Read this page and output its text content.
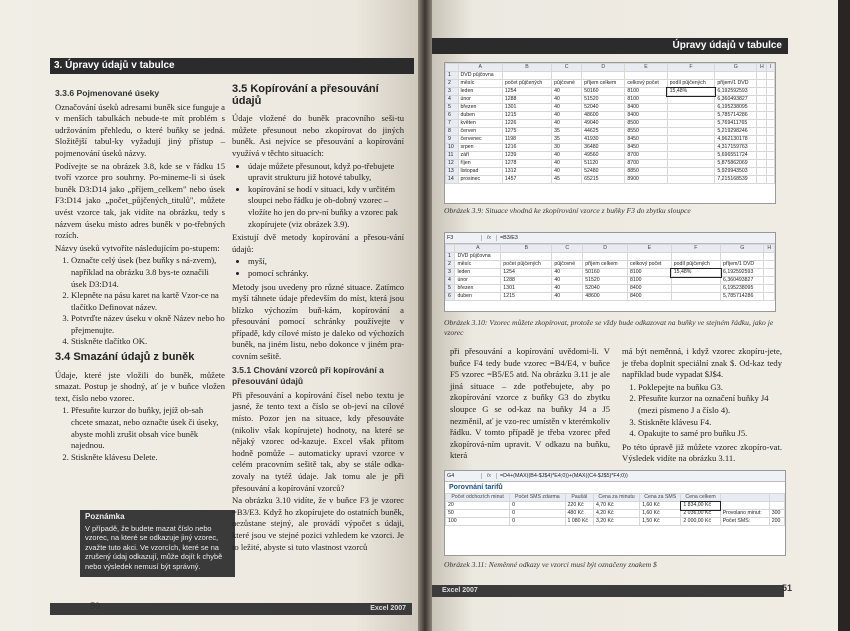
3. Úpravy údajů v tabulce
3.3.6 Pojmenované úseky

Označování úseků adresami buněk sice funguje a v menších tabulkách nebude-te mít problém s udržováním přehledu, o které buňky se jedná. Složitější tabul-ky vyžadují jiný přístup – pojmenování úseků názvy.

Podívejte se na obrázek 3.8, kde se v řádku 15 tvoří vzorce pro souhrny. Po-mineme-li si úsek buněk D3:D14 jako „příjem_celkem" nebo úsek F3:D14 jako „počet_půjčených_titulů", můžete uvést vzorce tak, jak vidíte na obrázku, tedy s názvem úseku místo adres buněk v po-třebných rozích.

Názvy úseků vytvoříte následujícím po-stupem:

1. Označte celý úsek (bez buňky s ná-zvem), například na obrázku 3.8 bys-te označili úsek D3:D14.
2. Klepněte na pásu karet na kartě Vzor-ce na tlačítko Definovat název.
3. Potvrďte název úseku v okně Název nebo ho přejmenujte.
4. Stiskněte tlačítko OK.
3.4 Smazání údajů z buněk

Údaje, které jste vložili do buněk, můžete smazat. Postup je shodný, ať je v buňce vložen text, číslo nebo vzorec.

1. Přesuňte kurzor do buňky, jejíž ob-sah chcete smazat, nebo označte úsek či úseky, abyste mohli zrušit obsah více buněk najednou.
2. Stiskněte klávesu Delete.
Poznámka
V případě, že budete mazat číslo nebo vzorec, na které se odkazuje jiný vzorec, zvažte tuto akci. Ve vzorcích, které se na zrušený údaj odkazují, může dojít k chybě nebo výsledek nemusí být správný.
3.5 Kopírování a přesouvání údajů

Údaje vložené do buněk pracovního seši-tu můžete přesunout nebo zkopírovat do jiných buněk. Asi nejvíce se přesouvání a kopírování využívá v těchto situacích:

• údaje můžete přesunout, když po-třebujete upravit strukturu již hotové tabulky,
• kopírování se hodí v situaci, kdy v určitém sloupci nebo řádku je ob-dobný vzorec – vložíte ho jen do prv-ní buňky a vzorec pak zkopírujete (viz obrázek 3.9).

Existují dvě metody kopírování a přesou-vání údajů:

• myší,
• pomocí schránky.

Metody jsou uvedeny pro různé situace. Zatímco myší táhnete údaje především do míst, která jsou blízko výchozím buň-kám, kopírování a přesouvání pomocí schránky používejte v případě, kdy cílové místo je daleko od výchozích buněk, na jiném listu, nebo dokonce v jiném pra-covním sešitě.

3.5.1 Chování vzorců při kopírování a přesouvání údajů

Při přesouvání a kopírování čísel nebo textu je jasné, že tento text a číslo se ob-jeví na cílové místo. Pozor jen na situace, kdy přesouváte (nikoliv však kopírujete) hodnoty, na které se nějaký vzorec od-kazuje. Excel však přitom hodně pomůže – automaticky upraví vzorce v celém pracovním sešitě tak, aby se stále odka-zovaly na tytéž údaje. Jak tomu ale je při přesouvání a kopírování vzorců?

Na obrázku 3.10 vidíte, že v buňce F3 je vzorec =B3/E3. Když ho zkopírujete do ostatních buněk, nezůstane stejný, ale provádí výpočet s údaji, které jsou ve stejné pozici vzhledem ke vzorci. Je to ležité, abyste si tuto vlastnost vzorců

Excel 2007
50
Úpravy údajů v tabulce
	A	B	C	D	E	F	G	H	I
1	DVD půjčovna								
2	měsíc	počet půjčených	půjčovné	příjem celkem	celkový počet	podíl půjčených	příjem/1 DVD		
3	leden	1254	40	50160	8100	15,48%	6,192592593		
4	únor	1288	40	51520	8100		6,360493827		
5	březen	1301	40	52040	8400		6,195238095		
6	duben	1215	40	48600	8400		5,785714286		
7	květen	1226	40	49040	8500		5,769411765		
8	červen	1275	35	44625	8550		5,219298246		
9	červenec	1198	35	41930	8450		4,962130178		
10	srpen	1216	30	36480	8450		4,317159763		
11	září	1239	40	49560	8700		5,696551724		
12	říjen	1278	40	51120	8700		5,875862069		
13	listopad	1312	40	52480	8850		5,929943503		
14	prosinec	1457	45	65215	8900		7,215168539		
Obrázek 3.9: Situace vhodná ke zkopírování vzorce z buňky F3 do zbytku sloupce
F3	fx	=B3/E3
	A	B	C	D	E	F	G	H
1	DVD půjčovna							
2	měsíc	počet půjčených	půjčovné	příjem celkem	celkový počet	podíl půjčených	příjem/1 DVD	
3	leden	1254	40	50160	8100	15,48%	6,192592593	
4	únor	1288	40	51520	8100		6,360493827	
5	březen	1301	40	52040	8400		6,195238095	
6	duben	1215	40	48600	8400		5,785714286	
Obrázek 3.10: Vzorec můžete zkopírovat, protože se vždy bude odkazovat na buňky ve stejném řádku, jako je vzorec

při přesouvání a kopírování uvědomi-li. V buňce F4 tedy bude vzorec =B4/E4, v buňce F5 vzorec =B5/E5 atd. Na obrázku 3.11 je ale jiná situace – zde potřebujete, aby po zkopírování vzorce z buňky G3 do zbytku sloupce G se od-kaz na buňky J4 a J5 nezměnil, ať je vzo-rec umístěn v kterémkoliv řádku. V tomto případě je třeba vzorec před zkopírová-ním upravit. V odkazu na buňku, která

má být neměnná, i když vzorec zkopíru-jete, je třeba doplnit speciální znak $. Od-kaz tedy například bude vypadat $J$4.

1. Poklepejte na buňku G3.
2. Přesuňte kurzor na označení buňky J4 (mezi písmeno J a číslo 4).
3. Stiskněte klávesu F4.
4. Opakujte to samé pro buňku J5.

Po této úpravě již můžete vzorec zkopíro-vat. Výsledek vidíte na obrázku 3.11.

G4	fx	=D4+(MAX((B4-$J$4)*E4;0))+(MAX((C4-$J$5)*F4;0))
Porovnání tarifů
Počet odchozích minut	Počet SMS zdarma	Paušál	Cena za minutu	Cena za SMS	Cena celkem		
20	0	220 Kč	4,70 Kč	1,60 Kč	1 834,00 Kč		
50	0	480 Kč	4,20 Kč	1,60 Kč	2 036,00 Kč	Provolano minut:	300
100	0	1 080 Kč	3,20 Kč	1,50 Kč	2 000,00 Kč	Počet SMS:	200
Obrázek 3.11: Neměnné odkazy ve vzorci musí být označeny znakem $
Excel 2007	51
